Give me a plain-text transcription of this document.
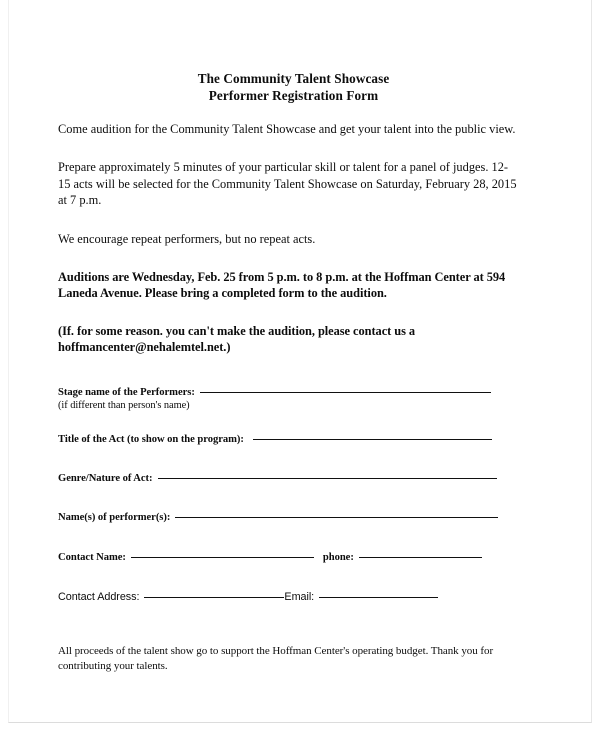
The Community Talent Showcase
Performer Registration Form

Come audition for the Community Talent Showcase and get your talent into the public view.

Prepare approximately 5 minutes of your particular skill or talent for a panel of judges. 12-15 acts will be selected for the Community Talent Showcase on Saturday, February 28, 2015 at 7 p.m.

We encourage repeat performers, but no repeat acts.

Auditions are Wednesday, Feb. 25 from 5 p.m. to 8 p.m. at the Hoffman Center at 594 Laneda Avenue. Please bring a completed form to the audition.

(If. for some reason. you can't make the audition, please contact us a hoffmancenter@nehalemtel.net.)

Stage name of the Performers:
(if different than person's name)
Title of the Act (to show on the program):
Genre/Nature of Act:
Name(s) of performer(s):
Contact Name:	phone:
Contact Address:	Email:

All proceeds of the talent show go to support the Hoffman Center's operating budget. Thank you for contributing your talents.
